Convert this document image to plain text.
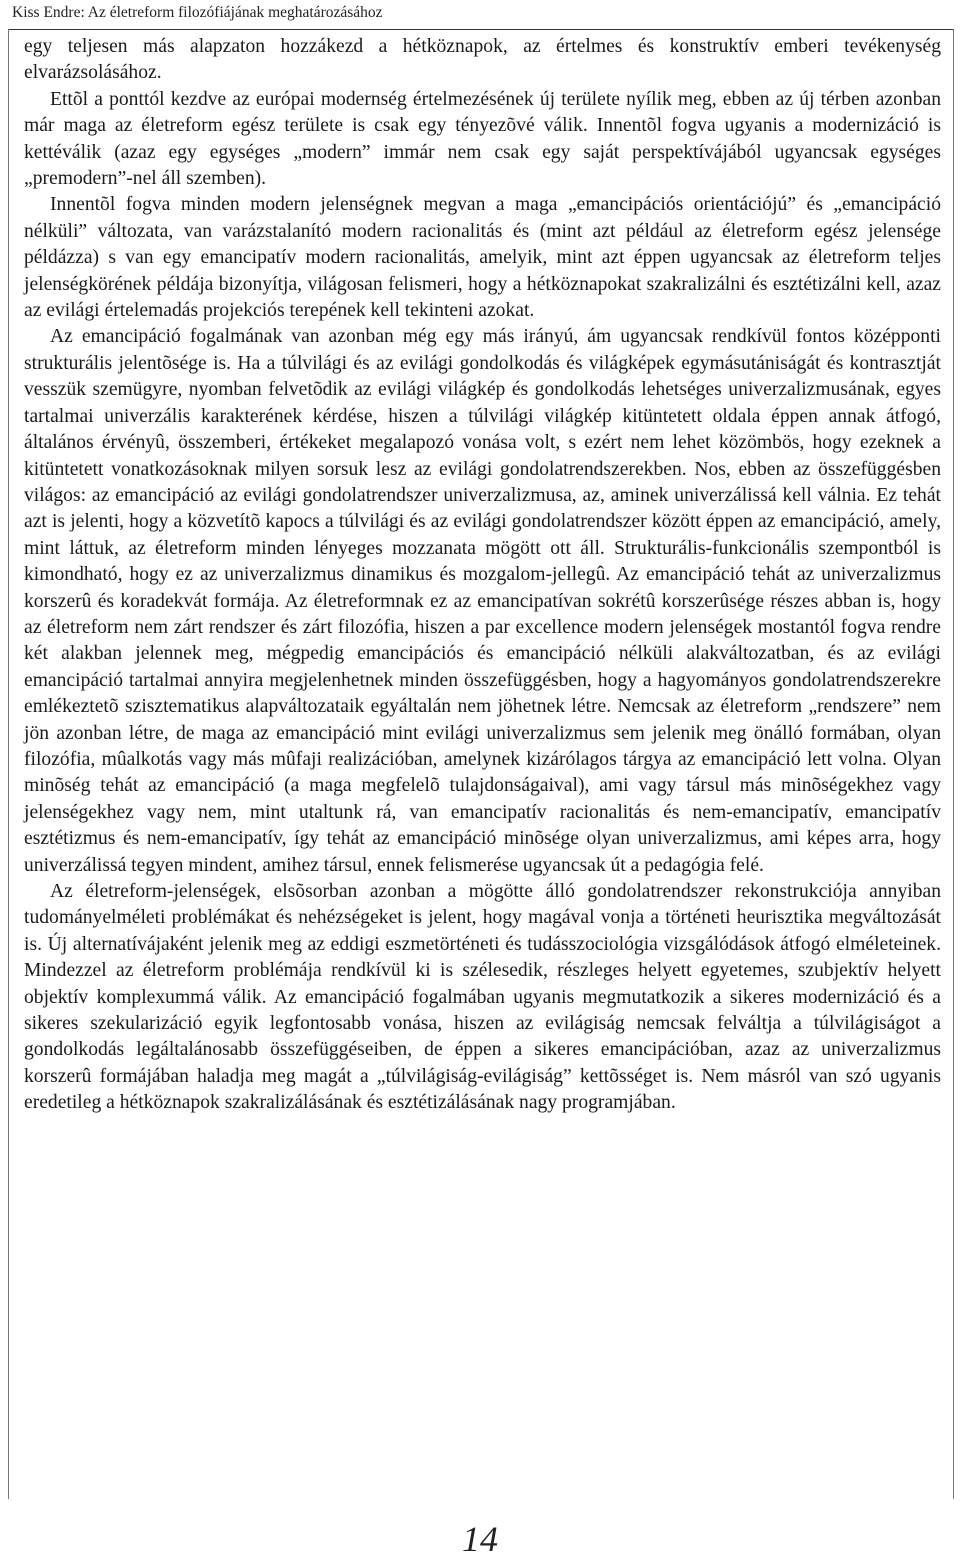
Kiss Endre: Az életreform filozófiájának meghatározásához

egy teljesen más alapzaton hozzákezd a hétköznapok, az értelmes és konstruktív emberi tevékenység elvarázsolásához.

Ettõl a ponttól kezdve az európai modernség értelmezésének új területe nyílik meg, ebben az új térben azonban már maga az életreform egész területe is csak egy tényezõvé válik. Innentõl fogva ugyanis a modernizáció is kettéválik (azaz egy egységes „modern” immár nem csak egy saját perspektívájából ugyancsak egységes „premodern”-nel áll szemben).

Innentõl fogva minden modern jelenségnek megvan a maga „emancipációs orientációjú” és „emancipáció nélküli” változata, van varázstalanító modern racionalitás és (mint azt például az életreform egész jelensége példázza) s van egy emancipatív modern racionalitás, amelyik, mint azt éppen ugyancsak az életreform teljes jelenségkörének példája bizonyítja, világosan felismeri, hogy a hétköznapokat szakralizálni és esztétizálni kell, azaz az evilági értelemadás projekciós terepének kell tekinteni azokat.

Az emancipáció fogalmának van azonban még egy más irányú, ám ugyancsak rendkívül fontos középponti strukturális jelentõsége is. Ha a túlvilági és az evilági gondolkodás és világképek egymásutániságát és kontrasztját vesszük szemügyre, nyomban felvetõdik az evilági világkép és gondolkodás lehetséges univerzalizmusának, egyes tartalmai univerzális karakterének kérdése, hiszen a túlvilági világkép kitüntetett oldala éppen annak átfogó, általános érvényû, összemberi, értékeket megalapozó vonása volt, s ezért nem lehet közömbös, hogy ezeknek a kitüntetett vonatkozásoknak milyen sorsuk lesz az evilági gondolatrendszerekben. Nos, ebben az összefüggésben világos: az emancipáció az evilági gondolatrendszer univerzalizmusa, az, aminek univerzálissá kell válnia. Ez tehát azt is jelenti, hogy a közvetítõ kapocs a túlvilági és az evilági gondolatrendszer között éppen az emancipáció, amely, mint láttuk, az életreform minden lényeges mozzanata mögött ott áll. Strukturális-funkcionális szempontból is kimondható, hogy ez az univerzalizmus dinamikus és mozgalom-jellegû. Az emancipáció tehát az univerzalizmus korszerû és koradekvát formája. Az életreformnak ez az emancipatívan sokrétû korszerûsége részes abban is, hogy az életreform nem zárt rendszer és zárt filozófia, hiszen a par excellence modern jelenségek mostantól fogva rendre két alakban jelennek meg, mégpedig emancipációs és emancipáció nélküli alakváltozatban, és az evilági emancipáció tartalmai annyira megjelenhetnek minden összefüggésben, hogy a hagyományos gondolatrendszerekre emlékeztetõ szisztematikus alapváltozataik egyáltalán nem jöhetnek létre. Nemcsak az életreform „rendszere” nem jön azonban létre, de maga az emancipáció mint evilági univerzalizmus sem jelenik meg önálló formában, olyan filozófia, mûalkotás vagy más mûfaji realizációban, amelynek kizárólagos tárgya az emancipáció lett volna. Olyan minõség tehát az emancipáció (a maga megfelelõ tulajdonságaival), ami vagy társul más minõségekhez vagy jelenségekhez vagy nem, mint utaltunk rá, van emancipatív racionalitás és nem-emancipatív, emancipatív esztétizmus és nem-emancipatív, így tehát az emancipáció minõsége olyan univerzalizmus, ami képes arra, hogy univerzálissá tegyen mindent, amihez társul, ennek felismerése ugyancsak út a pedagógia felé.

Az életreform-jelenségek, elsõsorban azonban a mögötte álló gondolatrendszer rekonstrukciója annyiban tudományelméleti problémákat és nehézségeket is jelent, hogy magával vonja a történeti heurisztika megváltozását is. Új alternatívájaként jelenik meg az eddigi eszmetörténeti és tudásszociológia vizsgálódások átfogó elméleteinek. Mindezzel az életreform problémája rendkívül ki is szélesedik, részleges helyett egyetemes, szubjektív helyett objektív komplexummá válik. Az emancipáció fogalmában ugyanis megmutatkozik a sikeres modernizáció és a sikeres szekularizáció egyik legfontosabb vonása, hiszen az evilágiság nemcsak felváltja a túlvilágiságot a gondolkodás legáltalánosabb összefüggéseiben, de éppen a sikeres emancipációban, azaz az univerzalizmus korszerû formájában haladja meg magát a „túlvilágiság-evilágiság” kettõsséget is. Nem másról van szó ugyanis eredetileg a hétköznapok szakralizálásának és esztétizálásának nagy programjában.

14
